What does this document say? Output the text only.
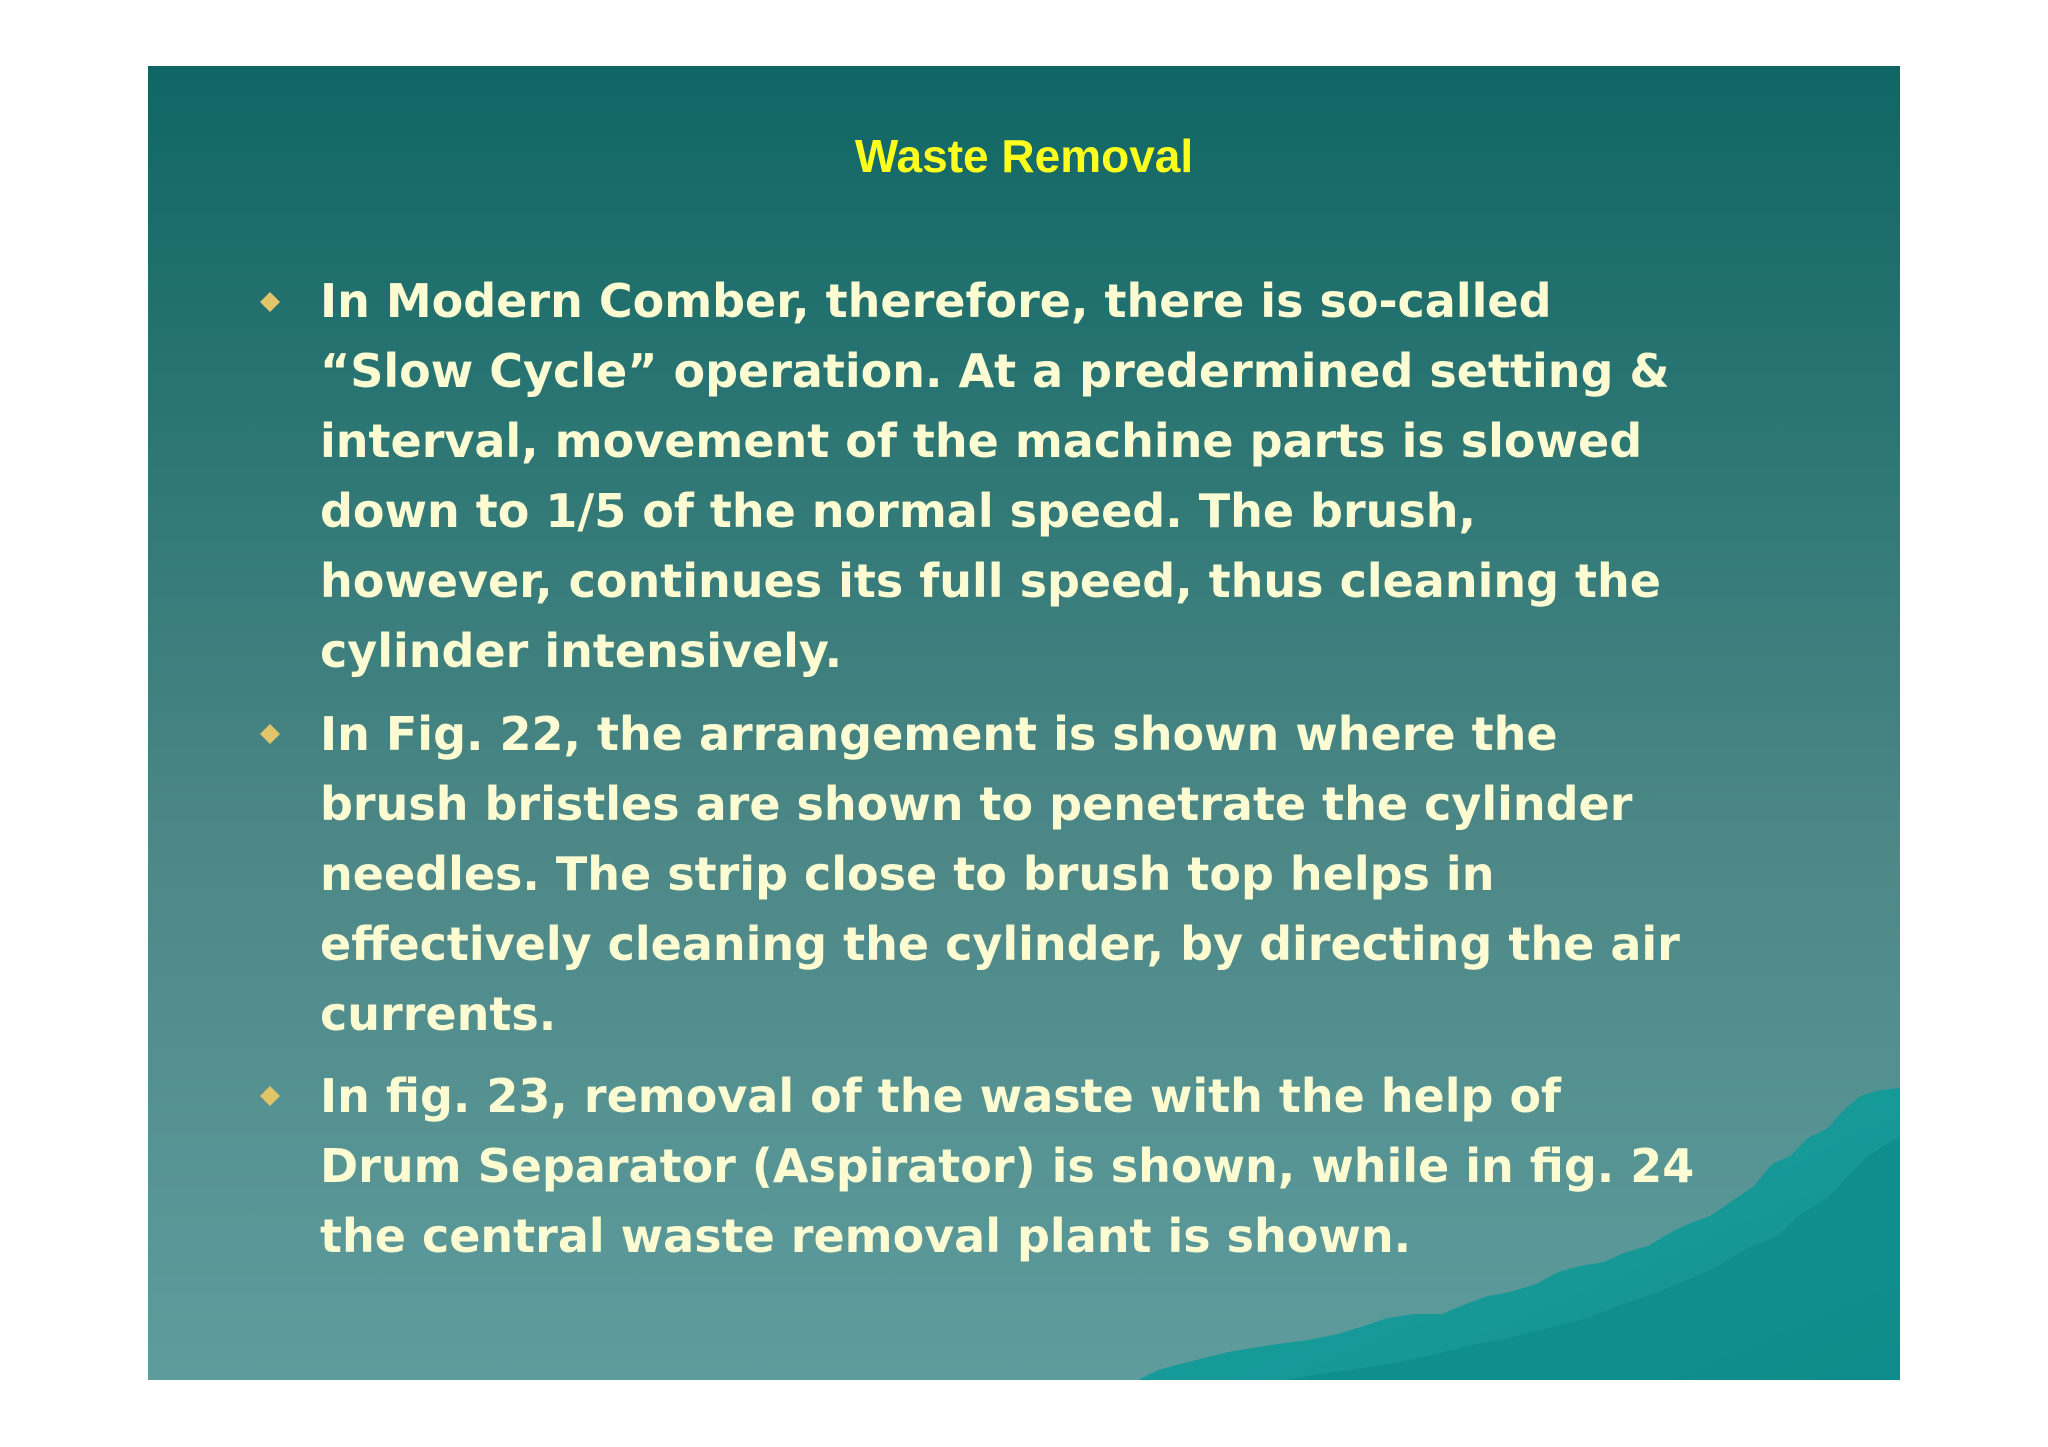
Waste Removal

In Modern Comber, therefore, there is so-called
“Slow Cycle” operation. At a predermined setting &
interval, movement of the machine parts is slowed
down to 1/5 of the normal speed. The brush,
however, continues its full speed, thus cleaning the
cylinder intensively.

In Fig. 22, the arrangement is shown where the
brush bristles are shown to penetrate the cylinder
needles. The strip close to brush top helps in
effectively cleaning the cylinder, by directing the air
currents.

In fig. 23, removal of the waste with the help of
Drum Separator (Aspirator) is shown, while in fig. 24
the central waste removal plant is shown.
